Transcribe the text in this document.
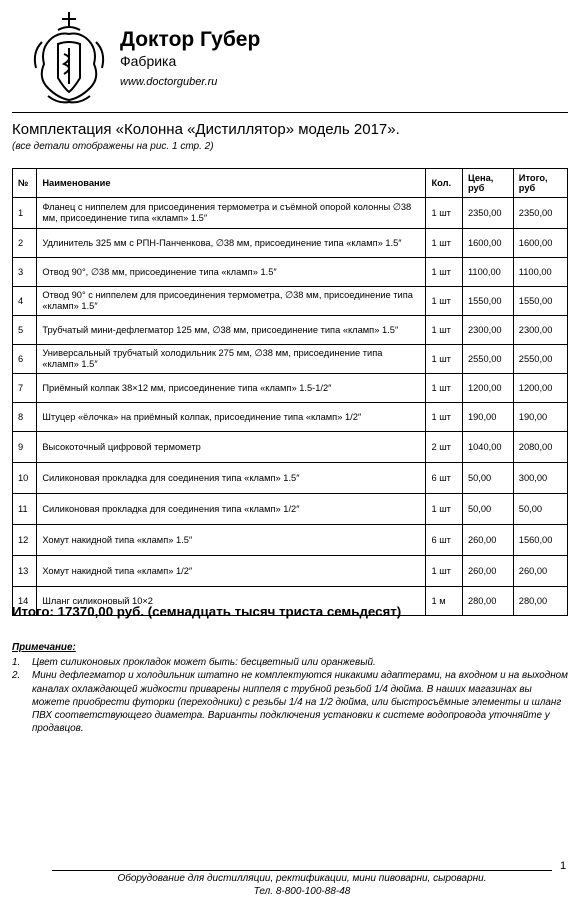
Доктор Губер
Фабрика
www.doctorguber.ru
Комплектация «Колонна «Дистиллятор» модель 2017».
(все детали отображены на рис. 1 стр. 2)
№	Наименование	Кол.	Цена, руб	Итого, руб
1	Фланец с ниппелем для присоединения термометра и съёмной опорой колонны ∅38 мм, присоединение типа «кламп» 1.5″	1 шт	2350,00	2350,00
2	Удлинитель 325 мм с РПН-Панченкова, ∅38 мм, присоединение типа «кламп» 1.5″	1 шт	1600,00	1600,00
3	Отвод 90°, ∅38 мм, присоединение типа «кламп» 1.5″	1 шт	1100,00	1100,00
4	Отвод 90° с ниппелем для присоединения термометра, ∅38 мм, присоединение типа «кламп» 1.5″	1 шт	1550,00	1550,00
5	Трубчатый мини-дефлегматор 125 мм, ∅38 мм, присоединение типа «кламп» 1.5″	1 шт	2300,00	2300,00
6	Универсальный трубчатый холодильник 275 мм, ∅38 мм, присоединение типа «кламп» 1.5″	1 шт	2550,00	2550,00
7	Приёмный колпак 38×12 мм, присоединение типа «кламп» 1.5-1/2″	1 шт	1200,00	1200,00
8	Штуцер «ёлочка» на приёмный колпак, присоединение типа «кламп» 1/2″	1 шт	190,00	190,00
9	Высокоточный цифровой термометр	2 шт	1040,00	2080,00
10	Силиконовая прокладка для соединения типа «кламп» 1.5″	6 шт	50,00	300,00
11	Силиконовая прокладка для соединения типа «кламп» 1/2″	1 шт	50,00	50,00
12	Хомут накидной типа «кламп» 1.5″	6 шт	260,00	1560,00
13	Хомут накидной типа «кламп» 1/2″	1 шт	260,00	260,00
14	Шланг силиконовый 10×2	1 м	280,00	280,00
Итого: 17370,00 руб. (семнадцать тысяч триста семьдесят)
Примечание:
1.	Цвет силиконовых прокладок может быть: бесцветный или оранжевый.
2.	Мини дефлегматор и холодильник штатно не комплектуются никакими адаптерами, на входном и на выходном каналах охлаждающей жидкости приварены ниппеля с трубной резьбой 1/4 дюйма. В наших магазинах вы можете приобрести футорки (переходники) с резьбы 1/4 на 1/2 дюйма, или быстросъёмные элементы и шланг ПВХ соответствующего диаметра. Варианты подключения установки к системе водопровода уточняйте у продавцов.
1
Оборудование для дистилляции, ректификации, мини пивоварни, сыроварни.
Тел. 8-800-100-88-48
